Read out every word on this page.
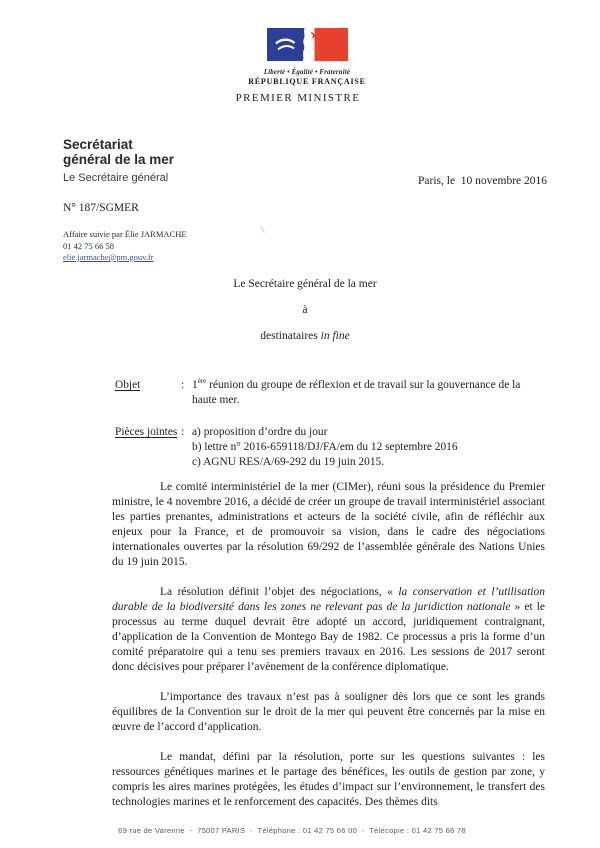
Liberté • Égalité • Fraternité
RÉPUBLIQUE FRANÇAISE
PREMIER MINISTRE
Secrétariat
général de la mer
Le Secrétaire général	Paris, le  10 novembre 2016
N° 187/SGMER
Affaire suivie par Élie JARMACHE
01 42 75 66 58
elie.jarmache@pm.gouv.fr
Le Secrétaire général de la mer
à
destinataires in fine
Objet	: 1ère réunion du groupe de réflexion et de travail sur la gouvernance de la haute mer.
Pièces jointes : a) proposition d’ordre du jour
b) lettre n° 2016-659118/DJ/FA/em du 12 septembre 2016
c) AGNU RES/A/69-292 du 19 juin 2015.

Le comité interministériel de la mer (CIMer), réuni sous la présidence du Premier ministre, le 4 novembre 2016, a décidé de créer un groupe de travail interministériel associant les parties prenantes, administrations et acteurs de la société civile, afin de réfléchir aux enjeux pour la France, et de promouvoir sa vision, dans le cadre des négociations internationales ouvertes par la résolution 69/292 de l’assemblée générale des Nations Unies du 19 juin 2015.

La résolution définit l’objet des négociations, « la conservation et l’utilisation durable de la biodiversité dans les zones ne relevant pas de la juridiction nationale » et le processus au terme duquel devrait être adopté un accord, juridiquement contraignant, d’application de la Convention de Montego Bay de 1982. Ce processus a pris la forme d’un comité préparatoire qui a tenu ses premiers travaux en 2016. Les sessions de 2017 seront donc décisives pour préparer l’avènement de la conférence diplomatique.

L’importance des travaux n’est pas à souligner dès lors que ce sont les grands équilibres de la Convention sur le droit de la mer qui peuvent être concernés par la mise en œuvre de l’accord d’application.

Le mandat, défini par la résolution, porte sur les questions suivantes : les ressources génétiques marines et le partage des bénéfices, les outils de gestion par zone, y compris les aires marines protégées, les études d’impact sur l’environnement, le transfert des technologies marines et le renforcement des capacités. Des thèmes dits

69 rue de Varenne  -  75007 PARIS  -  Téléphone : 01 42 75 66 00  -  Télécopie : 01 42 75 66 78
